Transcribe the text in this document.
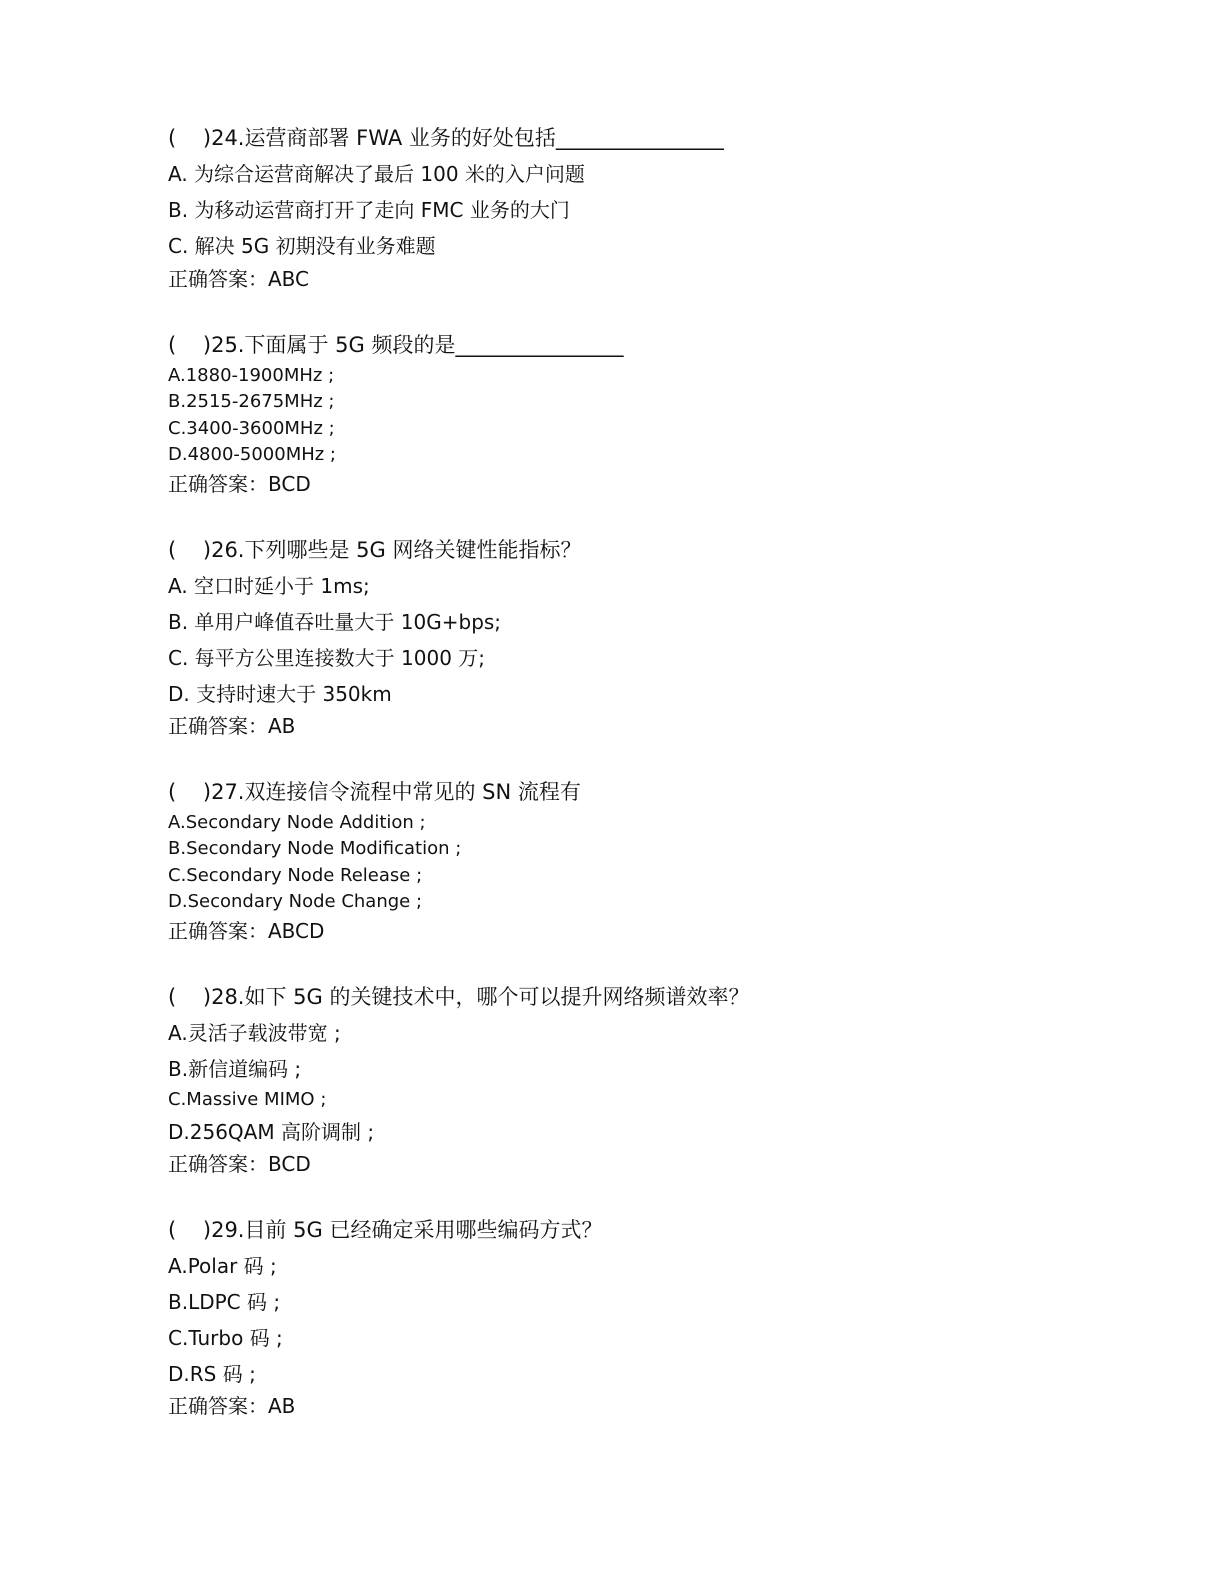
(    )24.运营商部署 FWA 业务的好处包括________________
A. 为综合运营商解决了最后 100 米的入户问题
B. 为移动运营商打开了走向 FMC 业务的大门
C. 解决 5G 初期没有业务难题
正确答案：ABC
(    )25.下面属于 5G 频段的是________________
A.1880-1900MHz ;
B.2515-2675MHz ;
C.3400-3600MHz ;
D.4800-5000MHz ;
正确答案：BCD
(    )26.下列哪些是 5G 网络关键性能指标？
A. 空口时延小于 1ms;
B. 单用户峰值吞吐量大于 10G+bps;
C. 每平方公里连接数大于 1000 万;
D. 支持时速大于 350km
正确答案：AB
(    )27.双连接信令流程中常见的 SN 流程有
A.Secondary Node Addition ;
B.Secondary Node Modification ;
C.Secondary Node Release ;
D.Secondary Node Change ;
正确答案：ABCD
(    )28.如下 5G 的关键技术中，哪个可以提升网络频谱效率？
A.灵活子载波带宽 ;
B.新信道编码 ;
C.Massive MIMO ;
D.256QAM 高阶调制 ;
正确答案：BCD
(    )29.目前 5G 已经确定采用哪些编码方式？
A.Polar 码 ;
B.LDPC 码 ;
C.Turbo 码 ;
D.RS 码 ;
正确答案：AB
